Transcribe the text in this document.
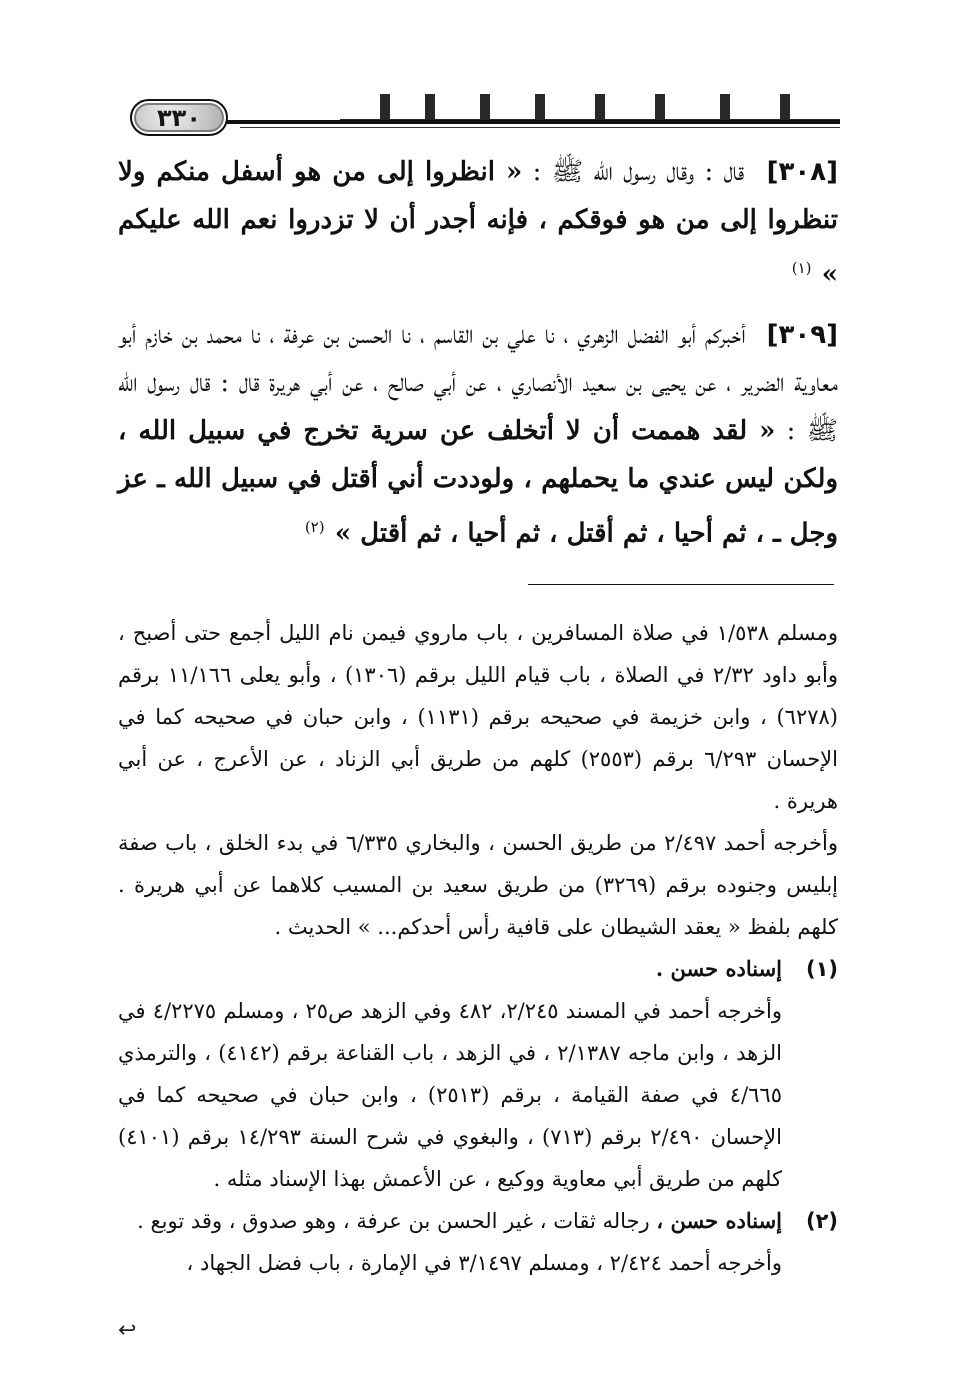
٣٣٠

[٣٠٨] قال : وقال رسول الله ﷺ : « انظروا إلى من هو أسفل منكم ولا تنظروا إلى من هو فوقكم ، فإنه أجدر أن لا تزدروا نعم الله عليكم » $^{(١)}$

[٣٠٩] أخبركم أبو الفضل الزهري ، نا علي بن القاسم ، نا الحسن بن عرفة ، نا محمد بن خازم أبو معاوية الضرير ، عن يحيى بن سعيد الأنصاري ، عن أبي صالح ، عن أبي هريرة قال : قال رسول الله ﷺ : « لقد هممت أن لا أتخلف عن سرية تخرج في سبيل الله ، ولكن ليس عندي ما يحملهم ، ولوددت أني أقتل في سبيل الله ـ عز وجل ـ ، ثم أحيا ، ثم أقتل ، ثم أحيا ، ثم أقتل » $^{(٢)}$

ومسلم ١/٥٣٨ في صلاة المسافرين ، باب ماروي فيمن نام الليل أجمع حتى أصبح ، وأبو داود ٢/٣٢ في الصلاة ، باب قيام الليل برقم (١٣٠٦) ، وأبو يعلى ١١/١٦٦ برقم (٦٢٧٨) ، وابن خزيمة في صحيحه برقم (١١٣١) ، وابن حبان في صحيحه كما في الإحسان ٦/٢٩٣ برقم (٢٥٥٣) كلهم من طريق أبي الزناد ، عن الأعرج ، عن أبي هريرة .

وأخرجه أحمد ٢/٤٩٧ من طريق الحسن ، والبخاري ٦/٣٣٥ في بدء الخلق ، باب صفة إبليس وجنوده برقم (٣٢٦٩) من طريق سعيد بن المسيب كلاهما عن أبي هريرة . كلهم بلفظ « يعقد الشيطان على قافية رأس أحدكم... » الحديث .

(١)
إسناده حسن .
وأخرجه أحمد في المسند ٢/٢٤٥، ٤٨٢ وفي الزهد ص٢٥ ، ومسلم ٤/٢٢٧٥ في الزهد ، وابن ماجه ٢/١٣٨٧ ، في الزهد ، باب القناعة برقم (٤١٤٢) ، والترمذي ٤/٦٦٥ في صفة القيامة ، برقم (٢٥١٣) ، وابن حبان في صحيحه كما في الإحسان ٢/٤٩٠ برقم (٧١٣) ، والبغوي في شرح السنة ١٤/٢٩٣ برقم (٤١٠١) كلهم من طريق أبي معاوية ووكيع ، عن الأعمش بهذا الإسناد مثله .
(٢)
إسناده حسن ، رجاله ثقات ، غير الحسن بن عرفة ، وهو صدوق ، وقد توبع .
وأخرجه أحمد ٢/٤٢٤ ، ومسلم ٣/١٤٩٧ في الإمارة ، باب فضل الجهاد ،
↩
